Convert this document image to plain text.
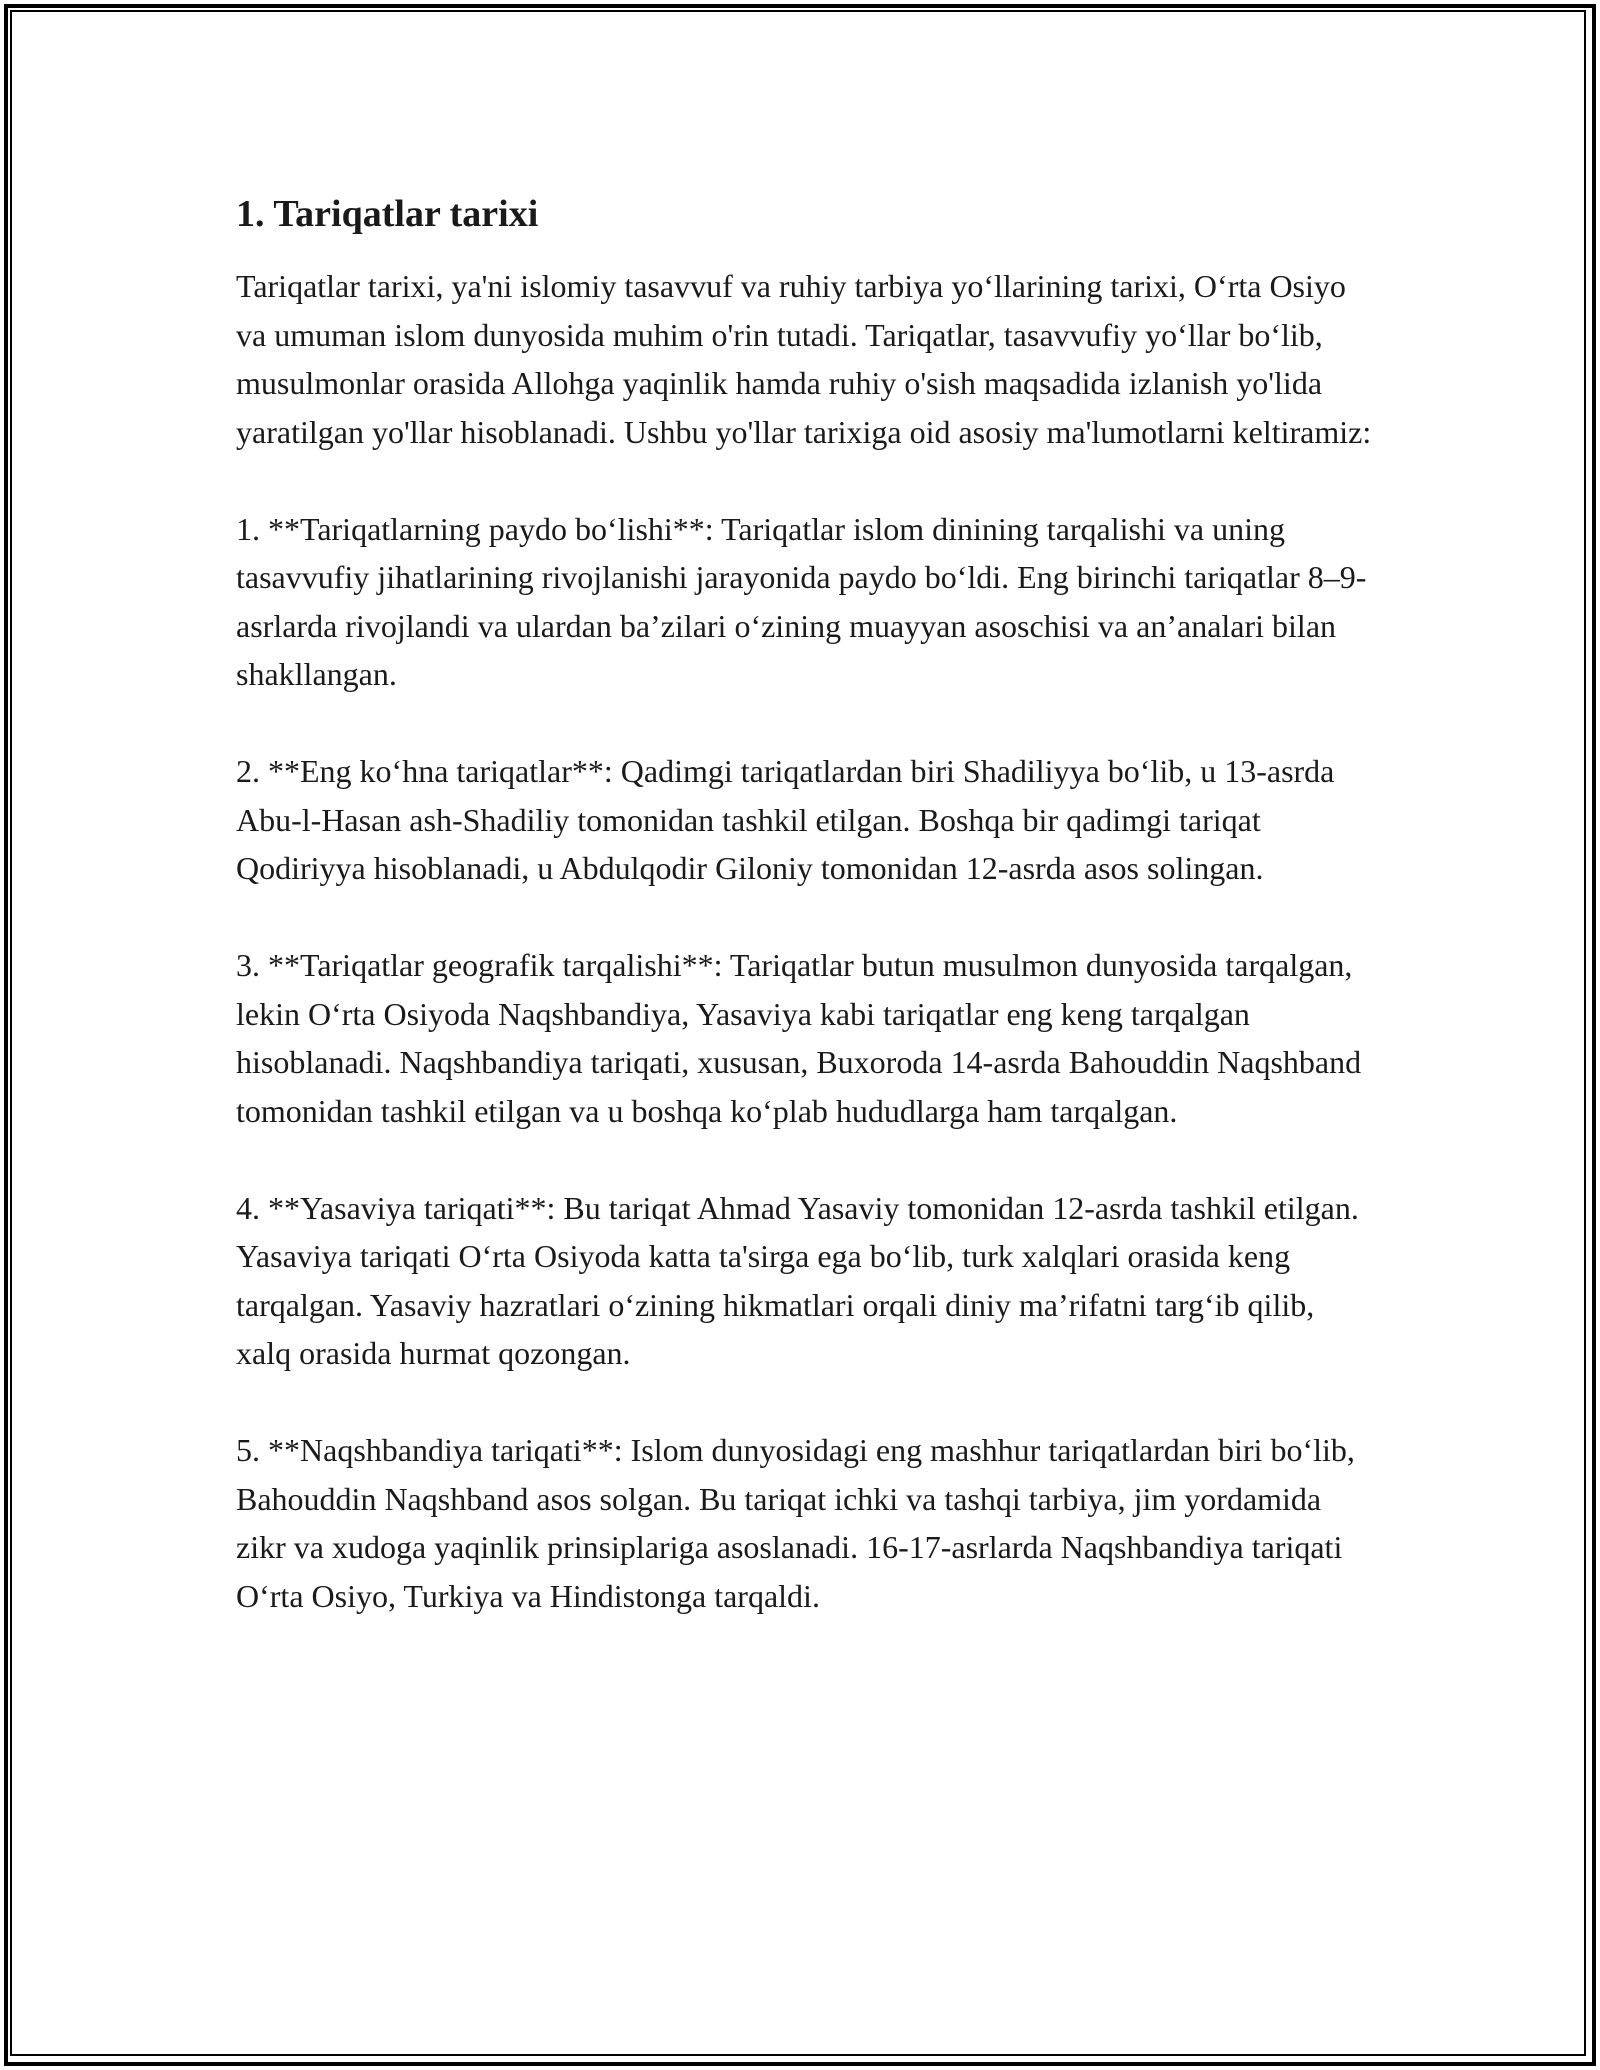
1. Tariqatlar tarixi

Tariqatlar tarixi, ya'ni islomiy tasavvuf va ruhiy tarbiya yo‘llarining tarixi, O‘rta Osiyo va umuman islom dunyosida muhim o'rin tutadi. Tariqatlar, tasavvufiy yo‘llar bo‘lib, musulmonlar orasida Allohga yaqinlik hamda ruhiy o'sish maqsadida izlanish yo'lida yaratilgan yo'llar hisoblanadi. Ushbu yo'llar tarixiga oid asosiy ma'lumotlarni keltiramiz:

1. **Tariqatlarning paydo bo‘lishi**: Tariqatlar islom dinining tarqalishi va uning tasavvufiy jihatlarining rivojlanishi jarayonida paydo bo‘ldi. Eng birinchi tariqatlar 8–9-asrlarda rivojlandi va ulardan ba’zilari o‘zining muayyan asoschisi va an’analari bilan shakllangan.

2. **Eng ko‘hna tariqatlar**: Qadimgi tariqatlardan biri Shadiliyya bo‘lib, u 13-asrda Abu-l-Hasan ash-Shadiliy tomonidan tashkil etilgan. Boshqa bir qadimgi tariqat Qodiriyya hisoblanadi, u Abdulqodir Giloniy tomonidan 12-asrda asos solingan.

3. **Tariqatlar geografik tarqalishi**: Tariqatlar butun musulmon dunyosida tarqalgan, lekin O‘rta Osiyoda Naqshbandiya, Yasaviya kabi tariqatlar eng keng tarqalgan hisoblanadi. Naqshbandiya tariqati, xususan, Buxoroda 14-asrda Bahouddin Naqshband tomonidan tashkil etilgan va u boshqa ko‘plab hududlarga ham tarqalgan.

4. **Yasaviya tariqati**: Bu tariqat Ahmad Yasaviy tomonidan 12-asrda tashkil etilgan. Yasaviya tariqati O‘rta Osiyoda katta ta'sirga ega bo‘lib, turk xalqlari orasida keng tarqalgan. Yasaviy hazratlari o‘zining hikmatlari orqali diniy ma’rifatni targ‘ib qilib, xalq orasida hurmat qozongan.

5. **Naqshbandiya tariqati**: Islom dunyosidagi eng mashhur tariqatlardan biri bo‘lib, Bahouddin Naqshband asos solgan. Bu tariqat ichki va tashqi tarbiya, jim yordamida zikr va xudoga yaqinlik prinsiplariga asoslanadi. 16-17-asrlarda Naqshbandiya tariqati O‘rta Osiyo, Turkiya va Hindistonga tarqaldi.
